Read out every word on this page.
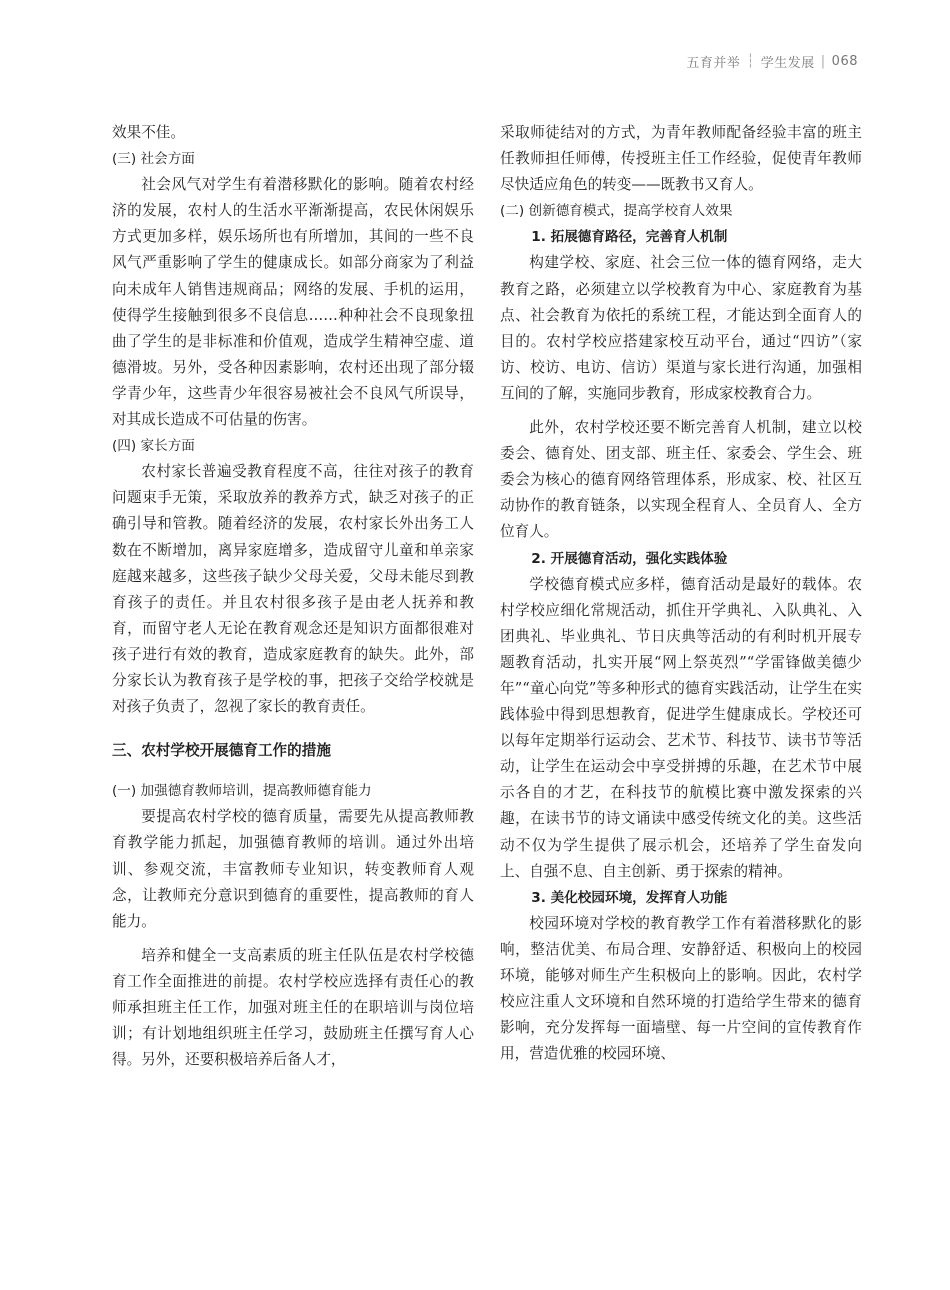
五育并举 ┆ 学生发展 | 068

效果不佳。

(三) 社会方面

社会风气对学生有着潜移默化的影响。随着农村经济的发展，农村人的生活水平渐渐提高，农民休闲娱乐方式更加多样，娱乐场所也有所增加，其间的一些不良风气严重影响了学生的健康成长。如部分商家为了利益向未成年人销售违规商品；网络的发展、手机的运用，使得学生接触到很多不良信息……种种社会不良现象扭曲了学生的是非标准和价值观，造成学生精神空虚、道德滑坡。另外，受各种因素影响，农村还出现了部分辍学青少年，这些青少年很容易被社会不良风气所误导，对其成长造成不可估量的伤害。

(四) 家长方面

农村家长普遍受教育程度不高，往往对孩子的教育问题束手无策，采取放养的教养方式，缺乏对孩子的正确引导和管教。随着经济的发展，农村家长外出务工人数在不断增加，离异家庭增多，造成留守儿童和单亲家庭越来越多，这些孩子缺少父母关爱，父母未能尽到教育孩子的责任。并且农村很多孩子是由老人抚养和教育，而留守老人无论在教育观念还是知识方面都很难对孩子进行有效的教育，造成家庭教育的缺失。此外，部分家长认为教育孩子是学校的事，把孩子交给学校就是对孩子负责了，忽视了家长的教育责任。

三、农村学校开展德育工作的措施

(一) 加强德育教师培训，提高教师德育能力

要提高农村学校的德育质量，需要先从提高教师教育教学能力抓起，加强德育教师的培训。通过外出培训、参观交流，丰富教师专业知识，转变教师育人观念，让教师充分意识到德育的重要性，提高教师的育人能力。

培养和健全一支高素质的班主任队伍是农村学校德育工作全面推进的前提。农村学校应选择有责任心的教师承担班主任工作，加强对班主任的在职培训与岗位培训；有计划地组织班主任学习，鼓励班主任撰写育人心得。另外，还要积极培养后备人才，

采取师徒结对的方式，为青年教师配备经验丰富的班主任教师担任师傅，传授班主任工作经验，促使青年教师尽快适应角色的转变——既教书又育人。

(二) 创新德育模式，提高学校育人效果

1. 拓展德育路径，完善育人机制

构建学校、家庭、社会三位一体的德育网络，走大教育之路，必须建立以学校教育为中心、家庭教育为基点、社会教育为依托的系统工程，才能达到全面育人的目的。农村学校应搭建家校互动平台，通过“四访”（家访、校访、电访、信访）渠道与家长进行沟通，加强相互间的了解，实施同步教育，形成家校教育合力。

此外，农村学校还要不断完善育人机制，建立以校委会、德育处、团支部、班主任、家委会、学生会、班委会为核心的德育网络管理体系，形成家、校、社区互动协作的教育链条，以实现全程育人、全员育人、全方位育人。

2. 开展德育活动，强化实践体验

学校德育模式应多样，德育活动是最好的载体。农村学校应细化常规活动，抓住开学典礼、入队典礼、入团典礼、毕业典礼、节日庆典等活动的有利时机开展专题教育活动，扎实开展“网上祭英烈”“学雷锋做美德少年”“童心向党”等多种形式的德育实践活动，让学生在实践体验中得到思想教育，促进学生健康成长。学校还可以每年定期举行运动会、艺术节、科技节、读书节等活动，让学生在运动会中享受拼搏的乐趣，在艺术节中展示各自的才艺，在科技节的航模比赛中激发探索的兴趣，在读书节的诗文诵读中感受传统文化的美。这些活动不仅为学生提供了展示机会，还培养了学生奋发向上、自强不息、自主创新、勇于探索的精神。

3. 美化校园环境，发挥育人功能

校园环境对学校的教育教学工作有着潜移默化的影响，整洁优美、布局合理、安静舒适、积极向上的校园环境，能够对师生产生积极向上的影响。因此，农村学校应注重人文环境和自然环境的打造给学生带来的德育影响，充分发挥每一面墙壁、每一片空间的宣传教育作用，营造优雅的校园环境、
